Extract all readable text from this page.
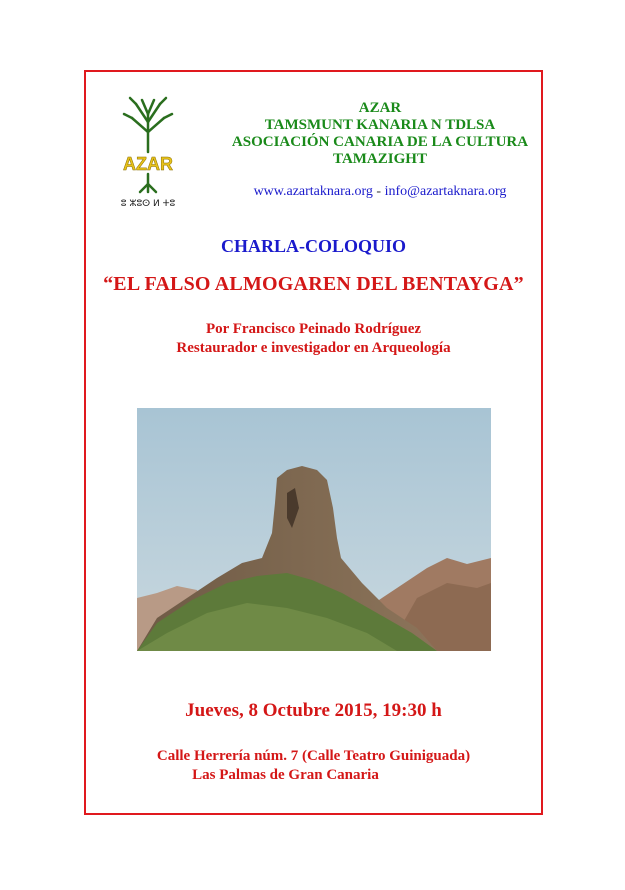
AZAR
ⵓ ⵣⵓⵙ ⵍ ⵜⵓ
AZAR
TAMSMUNT KANARIA N TDLSA
ASOCIACIÓN CANARIA DE LA CULTURA
TAMAZIGHT
www.azartaknara.org - info@azartaknara.org
CHARLA-COLOQUIO
“EL FALSO ALMOGAREN DEL BENTAYGA”
Por Francisco Peinado Rodríguez
Restaurador e investigador en Arqueología
Jueves, 8 Octubre 2015, 19:30 h
Calle Herrería núm. 7 (Calle Teatro Guiniguada)
Las Palmas de Gran Canaria
